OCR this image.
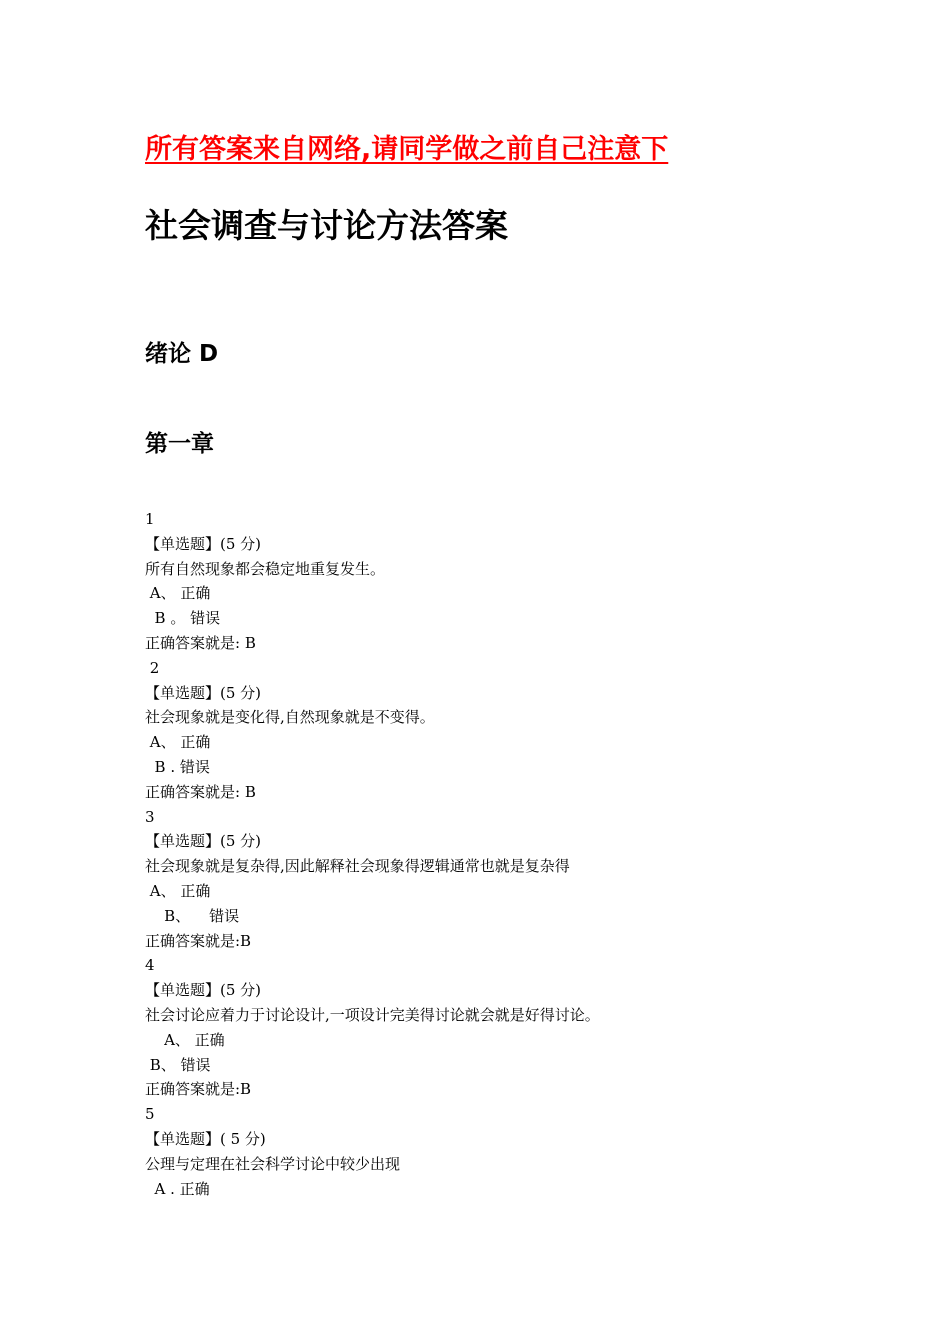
所有答案来自网络,请同学做之前自己注意下
社会调查与讨论方法答案
绪论 D
第一章
1
【单选题】(5 分)
所有自然现象都会稳定地重复发生。
A、 正确
B 。 错误
正确答案就是: B
2
【单选题】(5 分)
社会现象就是变化得,自然现象就是不变得。
A、 正确
B . 错误
正确答案就是: B
3
【单选题】(5 分)
社会现象就是复杂得,因此解释社会现象得逻辑通常也就是复杂得
A、 正确
B、    错误
正确答案就是:B
4
【单选题】(5 分)
社会讨论应着力于讨论设计,一项设计完美得讨论就会就是好得讨论。
A、 正确
B、 错误
正确答案就是:B
5
【单选题】( 5 分)
公理与定理在社会科学讨论中较少出现
A . 正确
